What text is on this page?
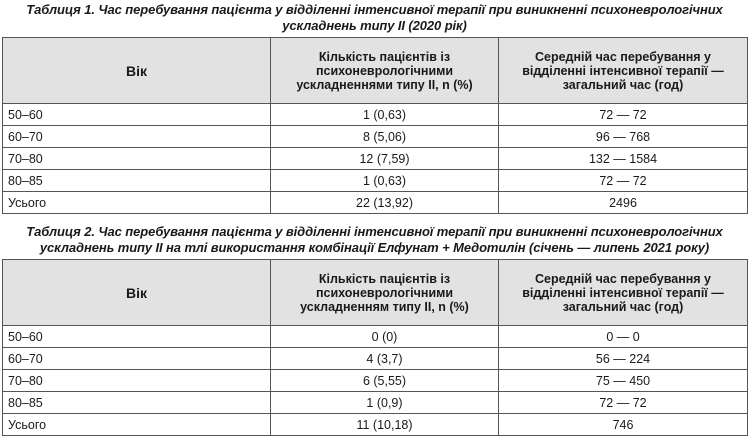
Таблиця 1. Час перебування пацієнта у відділенні інтенсивної терапії при виникненні психоневрологічних ускладнень типу II (2020 рік)

Вік	Кількість пацієнтів із психоневрологічними ускладненнями типу II, n (%)	Середній час перебування у відділенні інтенсивної терапії — загальний час (год)
50–60	1 (0,63)	72 — 72
60–70	8 (5,06)	96 — 768
70–80	12 (7,59)	132 — 1584
80–85	1 (0,63)	72 — 72
Усього	22 (13,92)	2496

Таблиця 2. Час перебування пацієнта у відділенні інтенсивної терапії при виникненні психоневрологічних ускладнень типу II на тлі використання комбінації Елфунат + Медотилін (січень — липень 2021 року)

Вік	Кількість пацієнтів із психоневрологічними ускладненням типу II, n (%)	Середній час перебування у відділенні інтенсивної терапії — загальний час (год)
50–60	0 (0)	0 — 0
60–70	4 (3,7)	56 — 224
70–80	6 (5,55)	75 — 450
80–85	1 (0,9)	72 — 72
Усього	11 (10,18)	746
